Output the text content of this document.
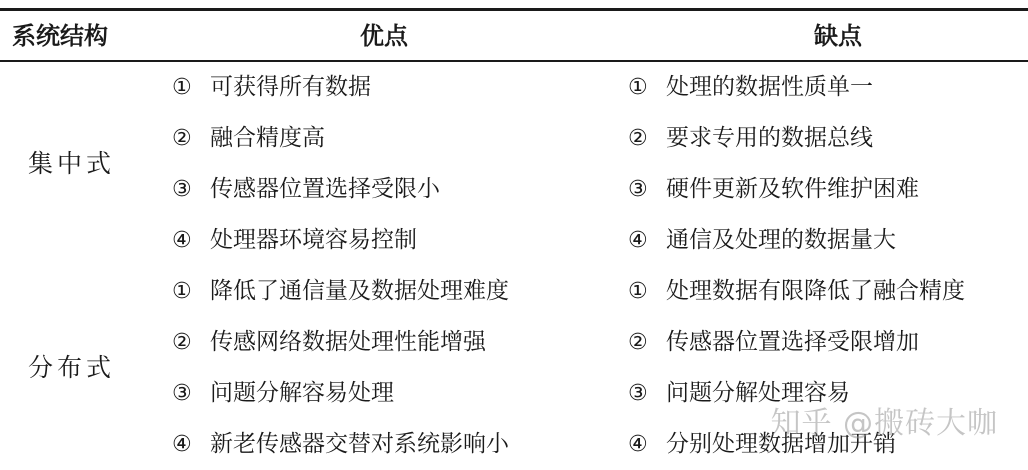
系统结构	优点	缺点
集中式
① 可获得所有数据
② 融合精度高
③ 传感器位置选择受限小
④ 处理器环境容易控制
① 处理的数据性质单一
② 要求专用的数据总线
③ 硬件更新及软件维护困难
④ 通信及处理的数据量大
分布式
① 降低了通信量及数据处理难度
② 传感网络数据处理性能增强
③ 问题分解容易处理
④ 新老传感器交替对系统影响小
① 处理数据有限降低了融合精度
② 传感器位置选择受限增加
③ 问题分解处理容易
④ 分别处理数据增加开销
知乎 @搬砖大咖
